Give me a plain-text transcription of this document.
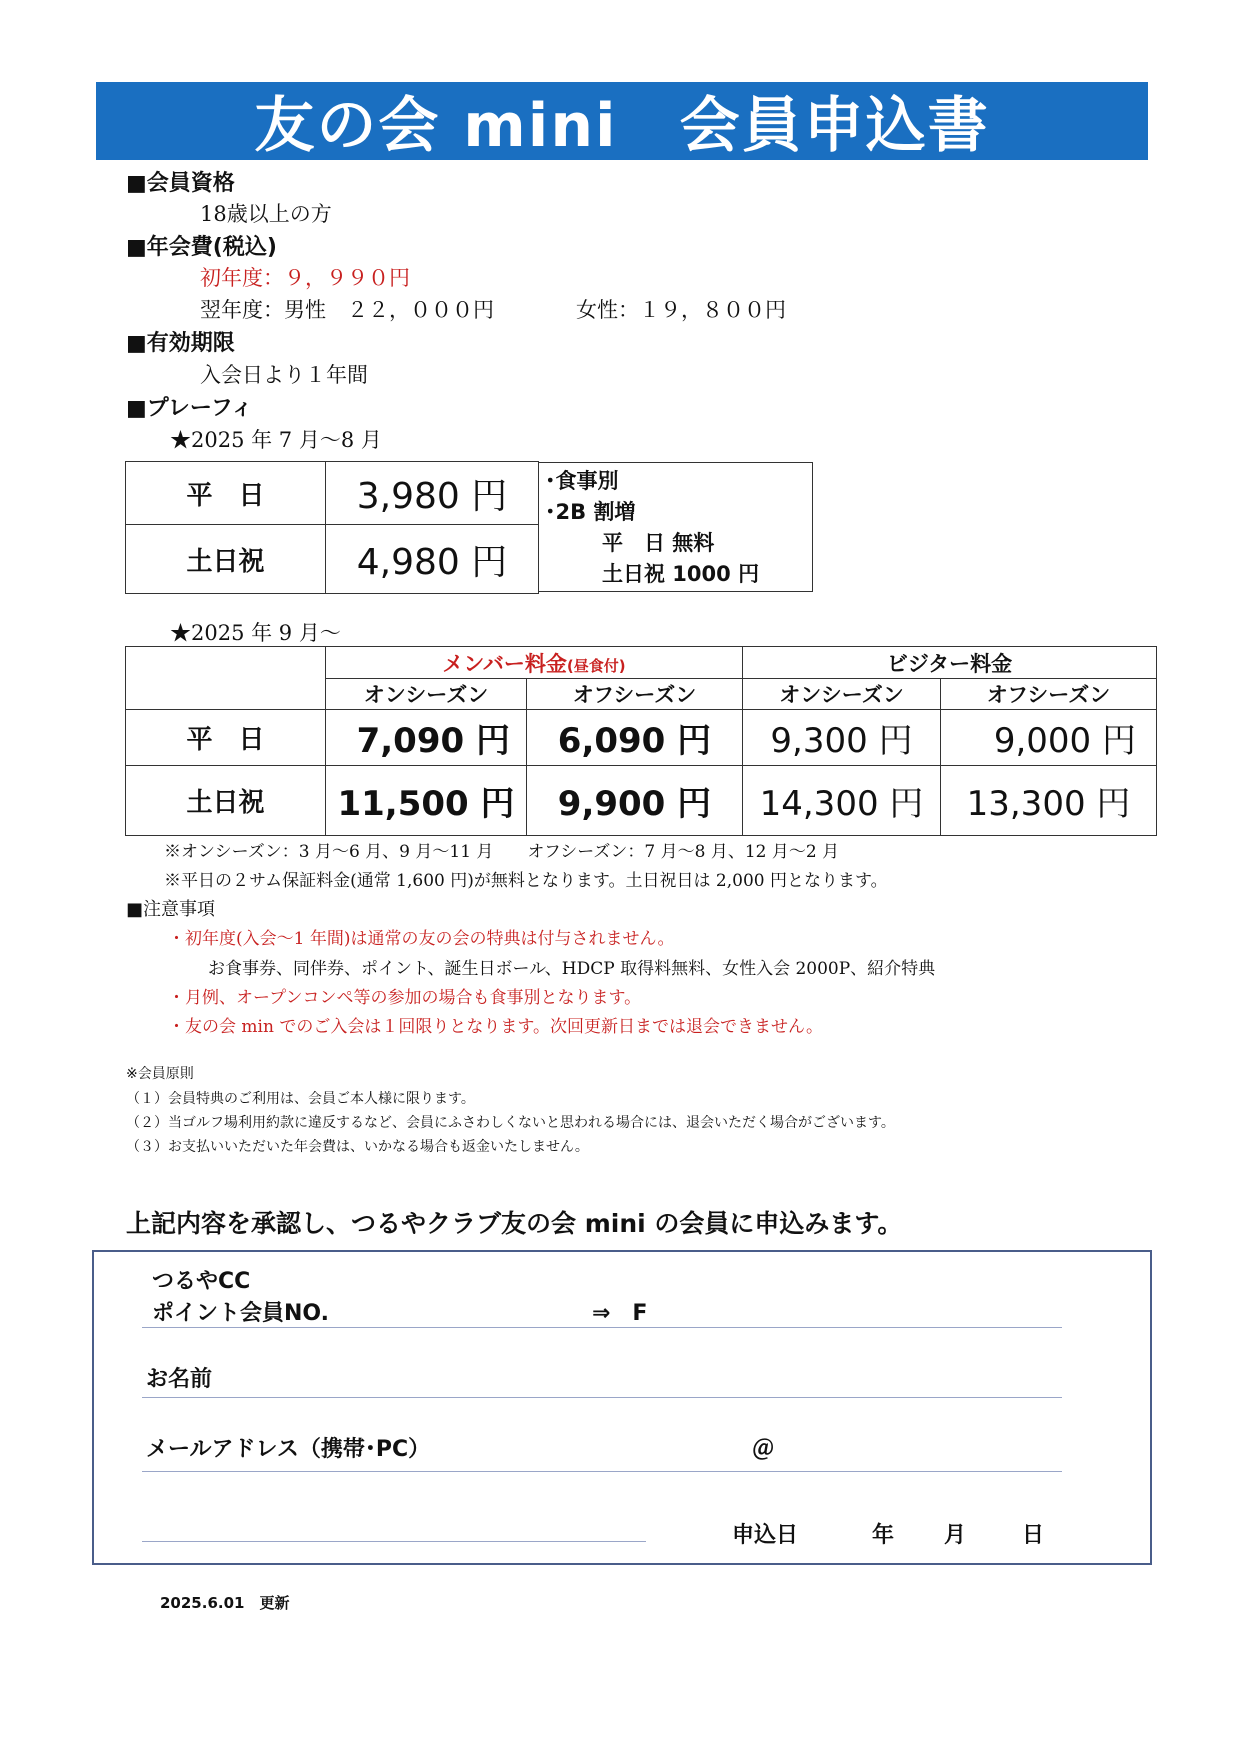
友の会 mini　会員申込書
■会員資格
18歳以上の方
■年会費(税込)
初年度：９，９９０円
翌年度：男性　２２，０００円	女性：１９，８００円
■有効期限
入会日より１年間
■プレーフィ
★2025 年 7 月～8 月
平　日	3,980 円
土日祝	4,980 円
･食事別
･2B 割増
　平　日 無料
　土日祝 1000 円
★2025 年 9 月～
	メンバー料金(昼食付)		ビジター料金	
	オンシーズン	オフシーズン	オンシーズン	オフシーズン
平　日	7,090 円	6,090 円	9,300 円	9,000 円
土日祝	11,500 円	9,900 円	14,300 円	13,300 円
※オンシーズン：3 月～6 月、9 月～11 月　　オフシーズン：7 月～8 月、12 月～2 月
※平日の２サム保証料金(通常 1,600 円)が無料となります。土日祝日は 2,000 円となります。
■注意事項
・初年度(入会～1 年間)は通常の友の会の特典は付与されません。
お食事券、同伴券、ポイント、誕生日ボール、HDCP 取得料無料、女性入会 2000P、紹介特典
・月例、オープンコンペ等の参加の場合も食事別となります。
・友の会 min でのご入会は１回限りとなります。次回更新日までは退会できません。
※会員原則
（１）会員特典のご利用は、会員ご本人様に限ります。
（２）当ゴルフ場利用約款に違反するなど、会員にふさわしくないと思われる場合には、退会いただく場合がございます。
（３）お支払いいただいた年会費は、いかなる場合も返金いたしません。
上記内容を承認し、つるやクラブ友の会 mini の会員に申込みます。
つるやCC
ポイント会員NO.	⇒　F
お名前
メールアドレス（携帯･PC）	＠
申込日	年 月	日
2025.6.01　更新
